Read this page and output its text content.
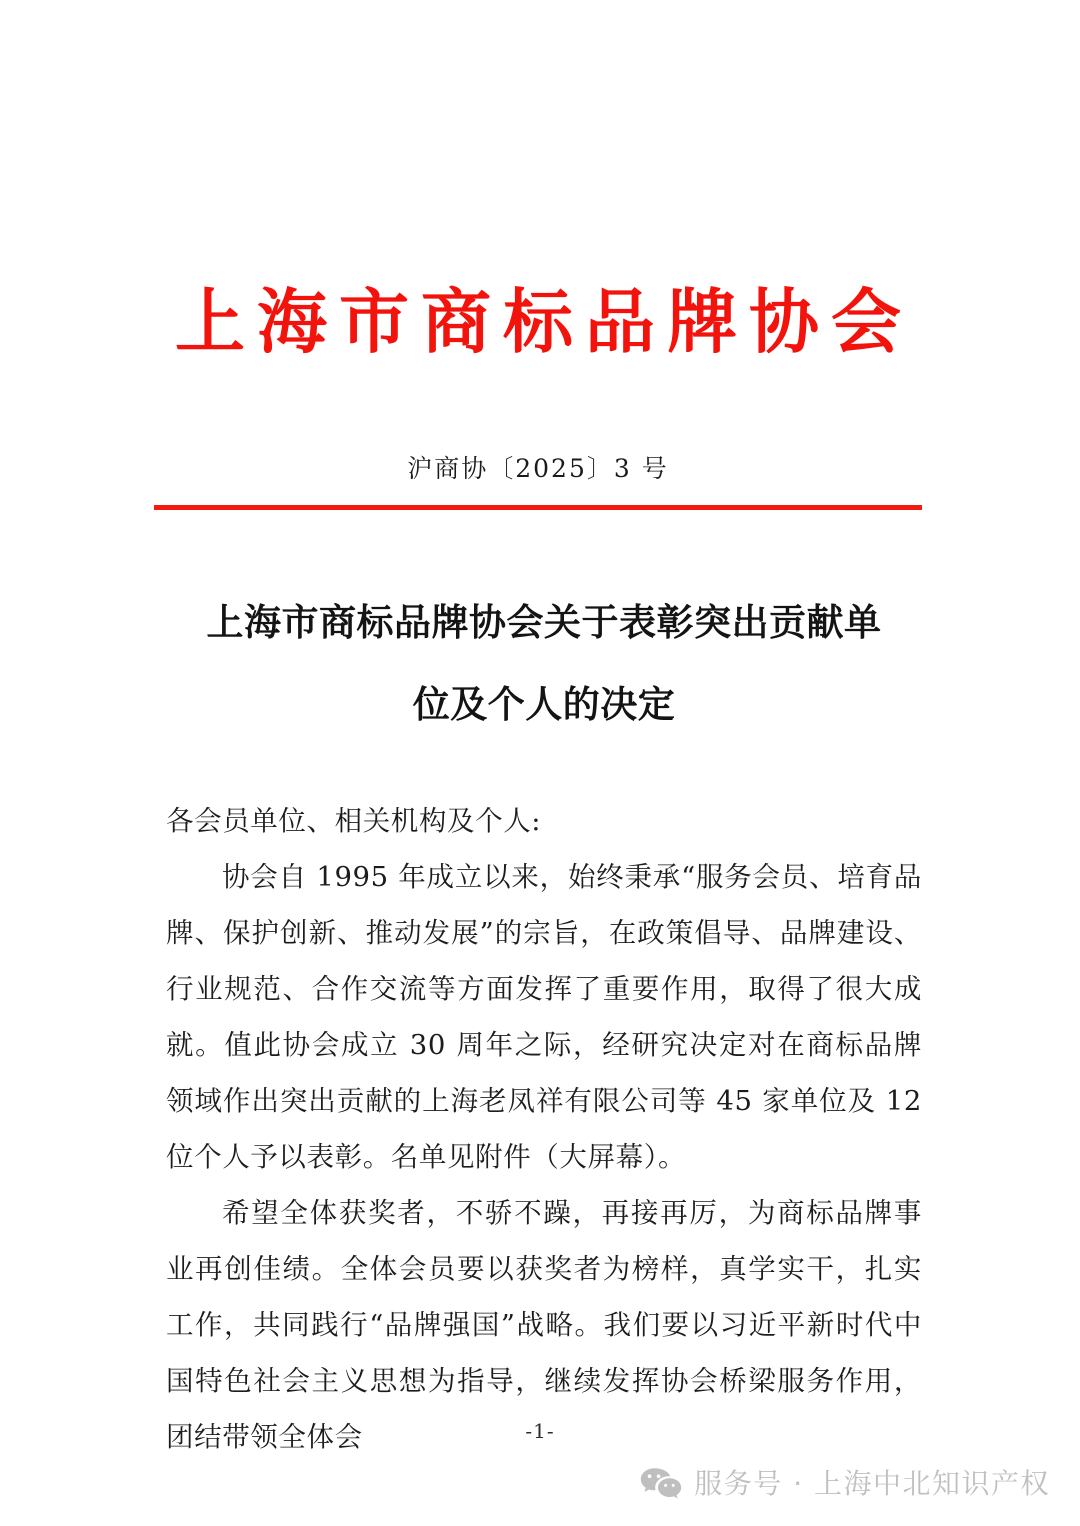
上海市商标品牌协会
沪商协〔2025〕3 号
上海市商标品牌协会关于表彰突出贡献单
位及个人的决定

各会员单位、相关机构及个人:

协会自 1995 年成立以来，始终秉承“服务会员、培育品牌、保护创新、推动发展”的宗旨，在政策倡导、品牌建设、行业规范、合作交流等方面发挥了重要作用，取得了很大成就。值此协会成立 30 周年之际，经研究决定对在商标品牌领域作出突出贡献的上海老凤祥有限公司等 45 家单位及 12 位个人予以表彰。名单见附件（大屏幕）。

希望全体获奖者，不骄不躁，再接再厉，为商标品牌事业再创佳绩。全体会员要以获奖者为榜样，真学实干，扎实工作，共同践行“品牌强国”战略。我们要以习近平新时代中国特色社会主义思想为指导，继续发挥协会桥梁服务作用，团结带领全体会	-1-
服务号 · 上海中北知识产权
